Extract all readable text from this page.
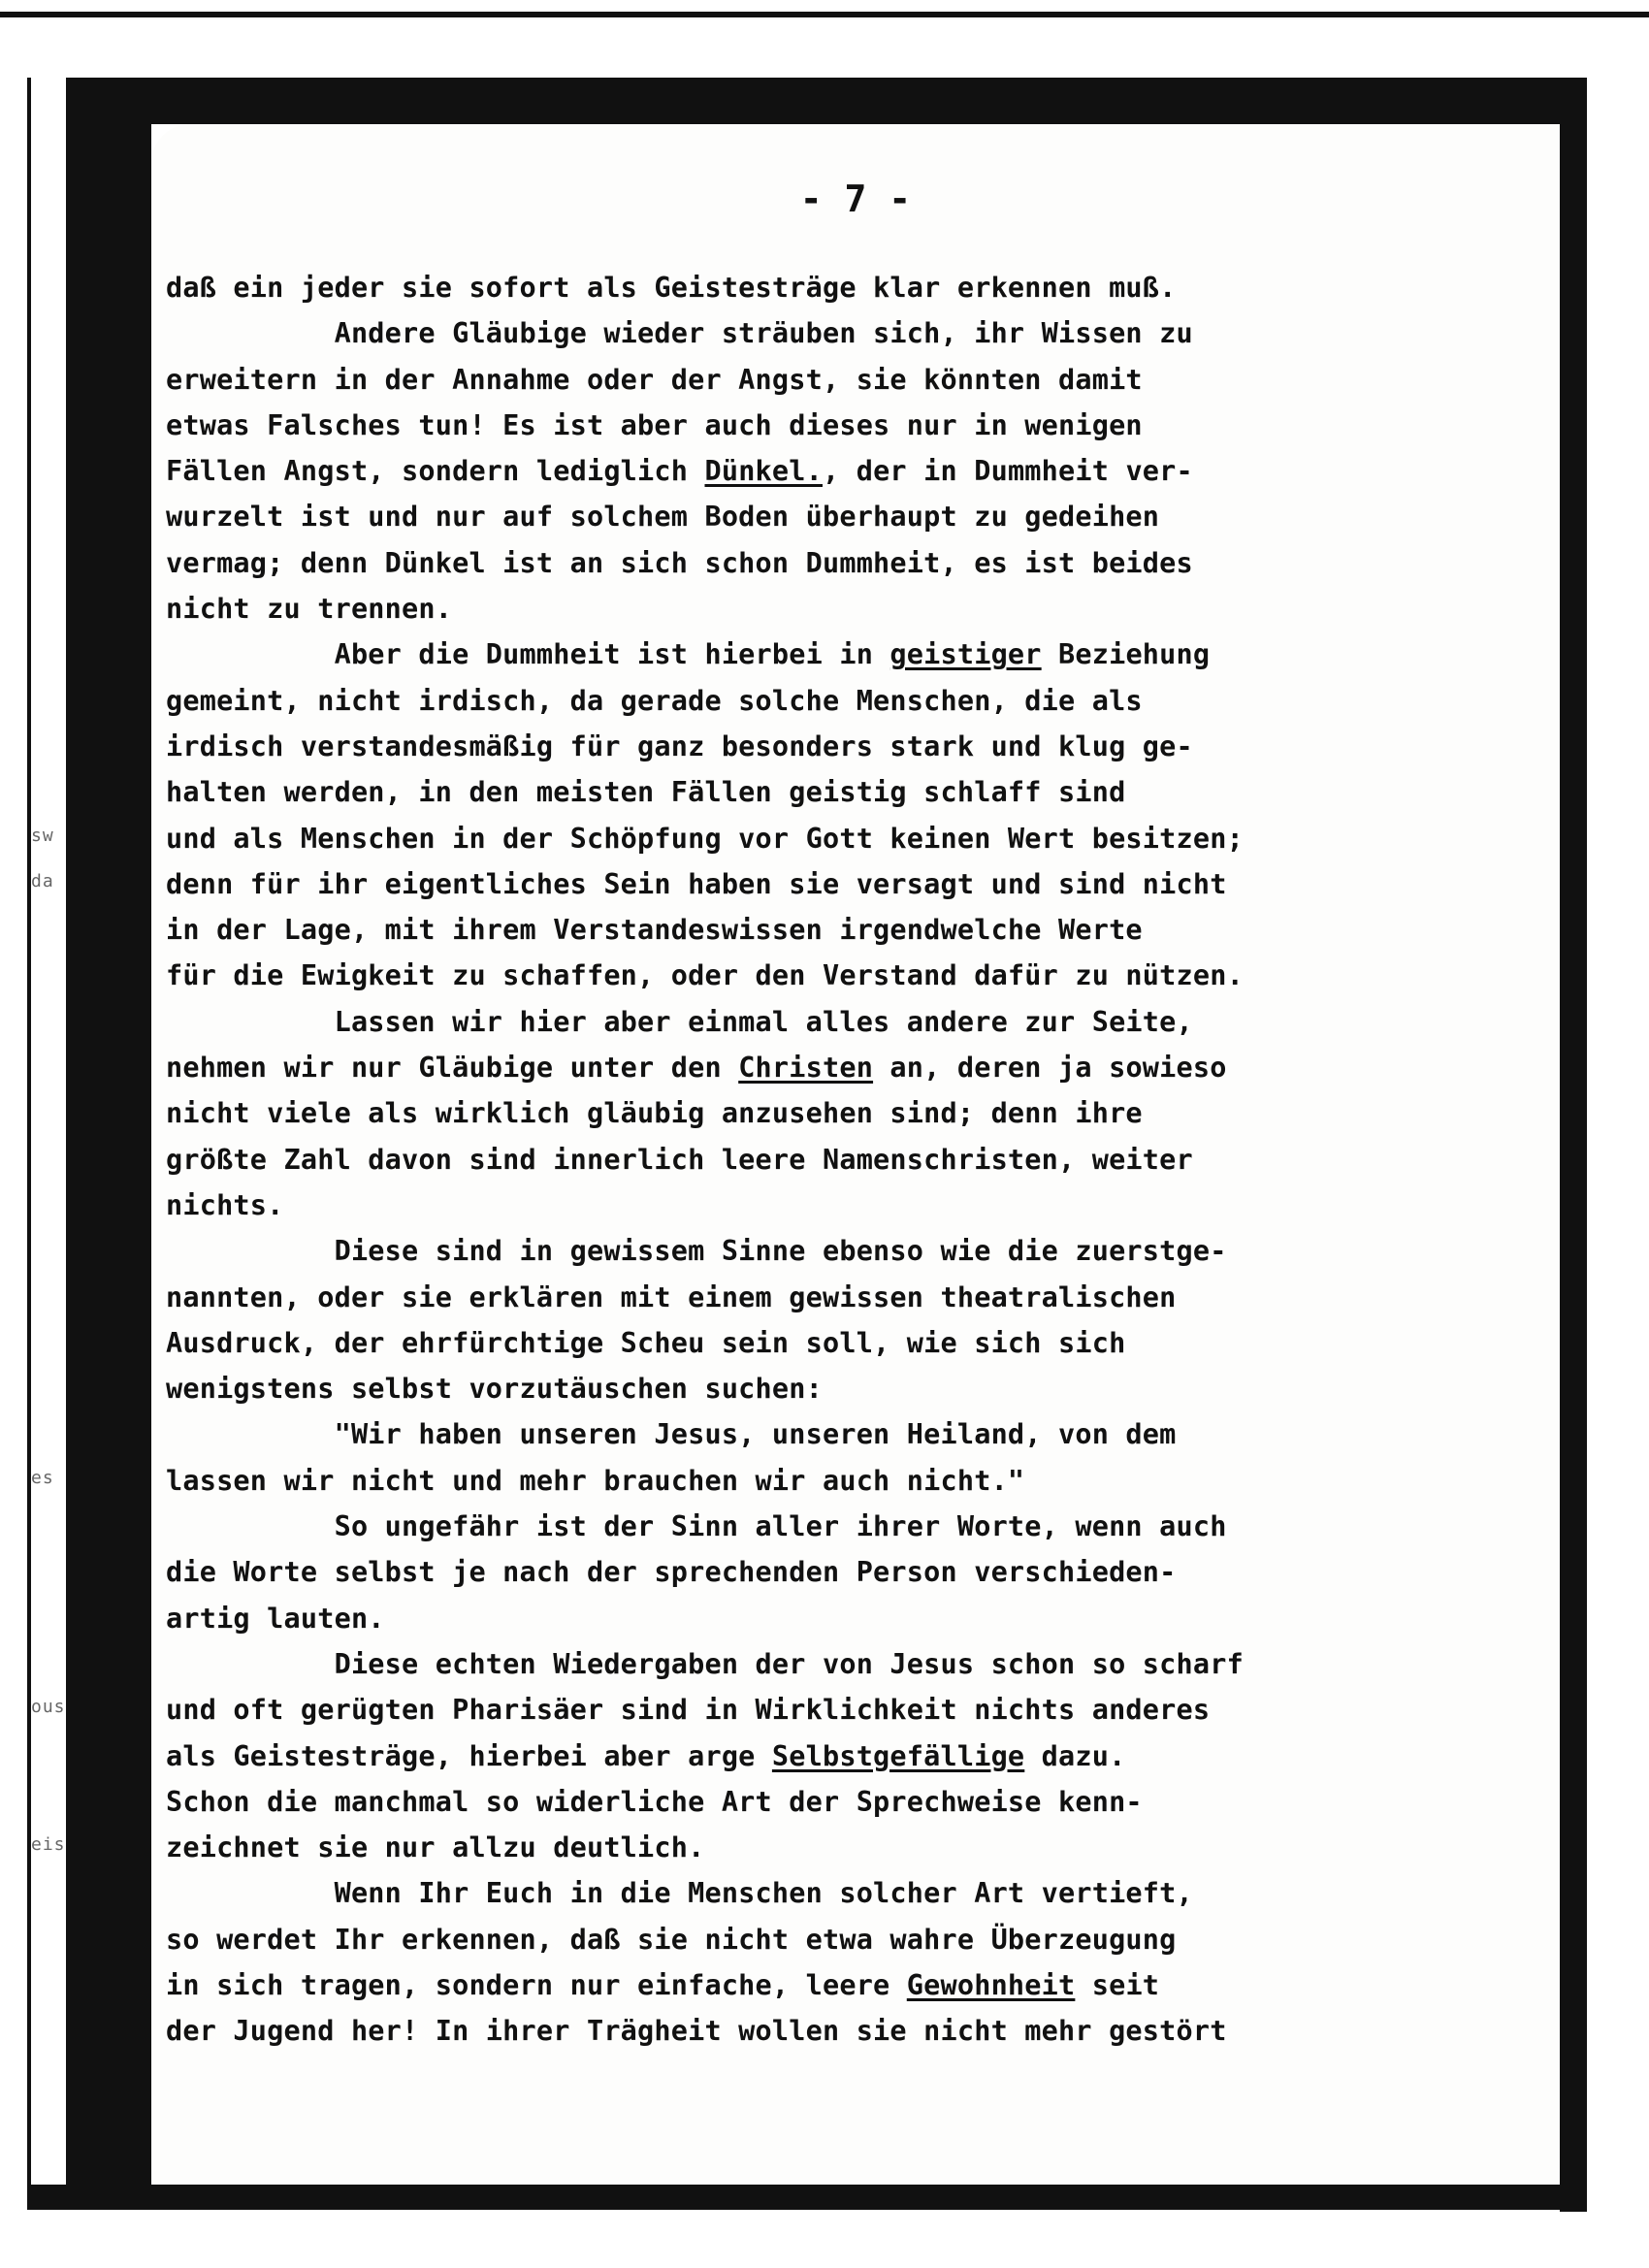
sw
da
es
ous
eis
- 7 -
daß ein jeder sie sofort als Geistesträge klar erkennen muß.
Andere Gläubige wieder sträuben sich, ihr Wissen zu
erweitern in der Annahme oder der Angst, sie könnten damit
etwas Falsches tun! Es ist aber auch dieses nur in wenigen
Fällen Angst, sondern lediglich Dünkel., der in Dummheit ver-
wurzelt ist und nur auf solchem Boden überhaupt zu gedeihen
vermag; denn Dünkel ist an sich schon Dummheit, es ist beides
nicht zu trennen.
Aber die Dummheit ist hierbei in geistiger Beziehung
gemeint, nicht irdisch, da gerade solche Menschen, die als
irdisch verstandesmäßig für ganz besonders stark und klug ge-
halten werden, in den meisten Fällen geistig schlaff sind
und als Menschen in der Schöpfung vor Gott keinen Wert besitzen;
denn für ihr eigentliches Sein haben sie versagt und sind nicht
in der Lage, mit ihrem Verstandeswissen irgendwelche Werte
für die Ewigkeit zu schaffen, oder den Verstand dafür zu nützen.
Lassen wir hier aber einmal alles andere zur Seite,
nehmen wir nur Gläubige unter den Christen an, deren ja sowieso
nicht viele als wirklich gläubig anzusehen sind; denn ihre
größte Zahl davon sind innerlich leere Namenschristen, weiter
nichts.
Diese sind in gewissem Sinne ebenso wie die zuerstge-
nannten, oder sie erklären mit einem gewissen theatralischen
Ausdruck, der ehrfürchtige Scheu sein soll, wie sich sich
wenigstens selbst vorzutäuschen suchen:
"Wir haben unseren Jesus, unseren Heiland, von dem
lassen wir nicht und mehr brauchen wir auch nicht."
So ungefähr ist der Sinn aller ihrer Worte, wenn auch
die Worte selbst je nach der sprechenden Person verschieden-
artig lauten.
Diese echten Wiedergaben der von Jesus schon so scharf
und oft gerügten Pharisäer sind in Wirklichkeit nichts anderes
als Geistesträge, hierbei aber arge Selbstgefällige dazu.
Schon die manchmal so widerliche Art der Sprechweise kenn-
zeichnet sie nur allzu deutlich.
Wenn Ihr Euch in die Menschen solcher Art vertieft,
so werdet Ihr erkennen, daß sie nicht etwa wahre Überzeugung
in sich tragen, sondern nur einfache, leere Gewohnheit seit
der Jugend her! In ihrer Trägheit wollen sie nicht mehr gestört
